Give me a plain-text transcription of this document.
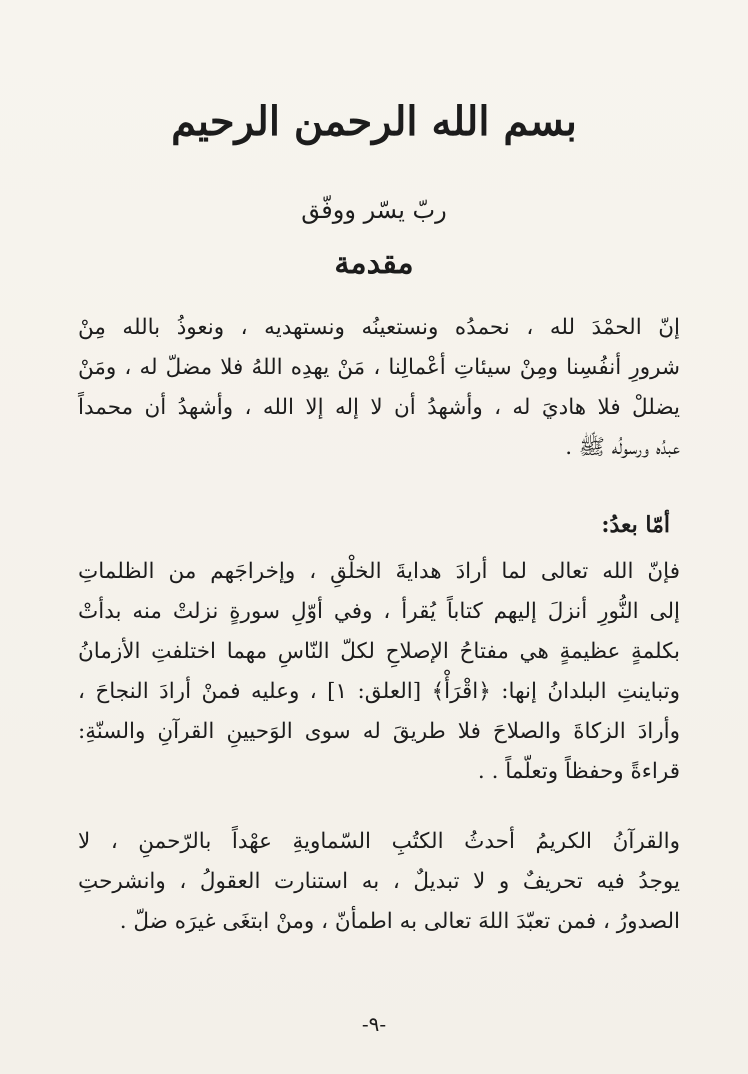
بسم الله الرحمن الرحيم
ربّ يسّر ووفّق
مقدمة
إنّ الحمْدَ لله ، نحمدُه ونستعينُه ونستهديه ، ونعوذُ بالله مِنْ
شرورِ أنفُسِنا ومِنْ سيئاتِ أعْمالِنا ، مَنْ يهدِه اللهُ فلا مضلّ له ، ومَنْ
يضللْ فلا هاديَ له ، وأشهدُ أن لا إله إلا الله ، وأشهدُ أن محمداً
عبدُه ورسولُه ﷺ .
أمّا بعدُ:
فإنّ الله تعالى لما أرادَ هدايةَ الخلْقِ ، وإخراجَهم من الظلماتِ
إلى النُّورِ أنزلَ إليهم كتاباً يُقرأ ، وفي أوّلِ سورةٍ نزلتْ منه بدأتْ
بكلمةٍ عظيمةٍ هي مفتاحُ الإصلاحِ لكلّ النّاسِ مهما اختلفتِ الأزمانُ
وتباينتِ البلدانُ إنها: ﴿اقْرَأْ﴾ [العلق: ١] ، وعليه فمنْ أرادَ النجاحَ ،
وأرادَ الزكاةَ والصلاحَ فلا طريقَ له سوى الوَحيينِ القرآنِ والسنّةِ:
قراءةً وحفظاً وتعلّماً . .
والقرآنُ الكريمُ أحدثُ الكتُبِ السّماويةِ عهْداً بالرّحمنِ ، لا
يوجدُ فيه تحريفٌ و لا تبديلٌ ، به استنارت العقولُ ، وانشرحتِ
الصدورُ ، فمن تعبّدَ اللهَ تعالى به اطمأنّ ، ومنْ ابتغَى غيرَه ضلّ .
-٩-
